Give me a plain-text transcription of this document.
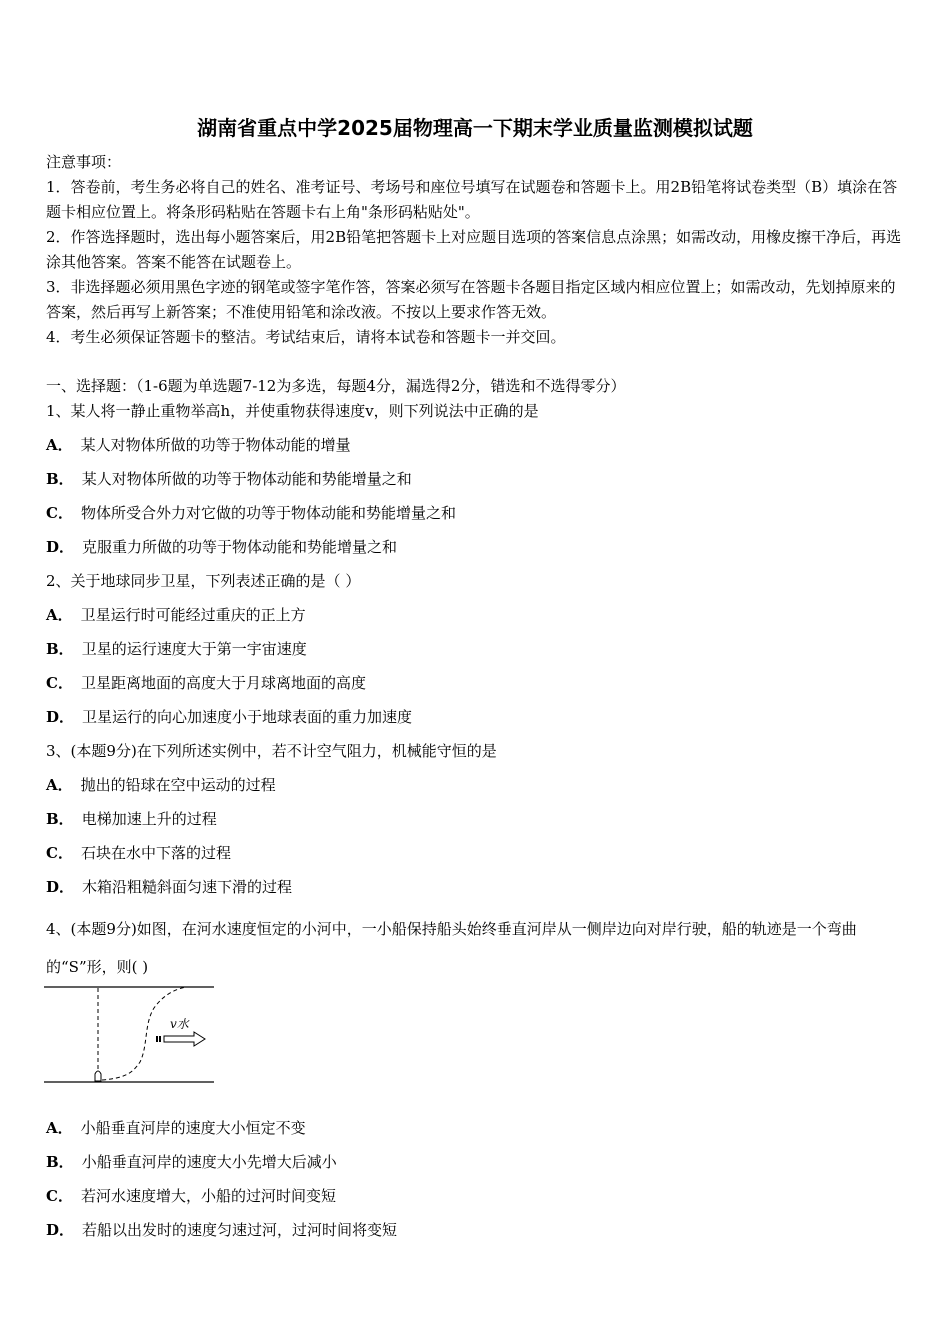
湖南省重点中学2025届物理高一下期末学业质量监测模拟试题
注意事项：
1．答卷前，考生务必将自己的姓名、准考证号、考场号和座位号填写在试题卷和答题卡上。用2B铅笔将试卷类型（B）填涂在答题卡相应位置上。将条形码粘贴在答题卡右上角"条形码粘贴处"。
2．作答选择题时，选出每小题答案后，用2B铅笔把答题卡上对应题目选项的答案信息点涂黑；如需改动，用橡皮擦干净后，再选涂其他答案。答案不能答在试题卷上。
3．非选择题必须用黑色字迹的钢笔或签字笔作答，答案必须写在答题卡各题目指定区域内相应位置上；如需改动，先划掉原来的答案，然后再写上新答案；不准使用铅笔和涂改液。不按以上要求作答无效。
4．考生必须保证答题卡的整洁。考试结束后，请将本试卷和答题卡一并交回。
一、选择题：（1-6题为单选题7-12为多选，每题4分，漏选得2分，错选和不选得零分）
1、某人将一静止重物举高h，并使重物获得速度v，则下列说法中正确的是
A． 某人对物体所做的功等于物体动能的增量
B． 某人对物体所做的功等于物体动能和势能增量之和
C． 物体所受合外力对它做的功等于物体动能和势能增量之和
D． 克服重力所做的功等于物体动能和势能增量之和
2、关于地球同步卫星，下列表述正确的是（ ）
A． 卫星运行时可能经过重庆的正上方
B． 卫星的运行速度大于第一宇宙速度
C． 卫星距离地面的高度大于月球离地面的高度
D． 卫星运行的向心加速度小于地球表面的重力加速度
3、(本题9分)在下列所述实例中，若不计空气阻力，机械能守恒的是
A． 抛出的铅球在空中运动的过程
B． 电梯加速上升的过程
C． 石块在水中下落的过程
D． 木箱沿粗糙斜面匀速下滑的过程
4、(本题9分)如图，在河水速度恒定的小河中，一小船保持船头始终垂直河岸从一侧岸边向对岸行驶，船的轨迹是一个弯曲的“S”形，则( )
v水
A． 小船垂直河岸的速度大小恒定不变
B． 小船垂直河岸的速度大小先增大后减小
C． 若河水速度增大，小船的过河时间变短
D． 若船以出发时的速度匀速过河，过河时间将变短
